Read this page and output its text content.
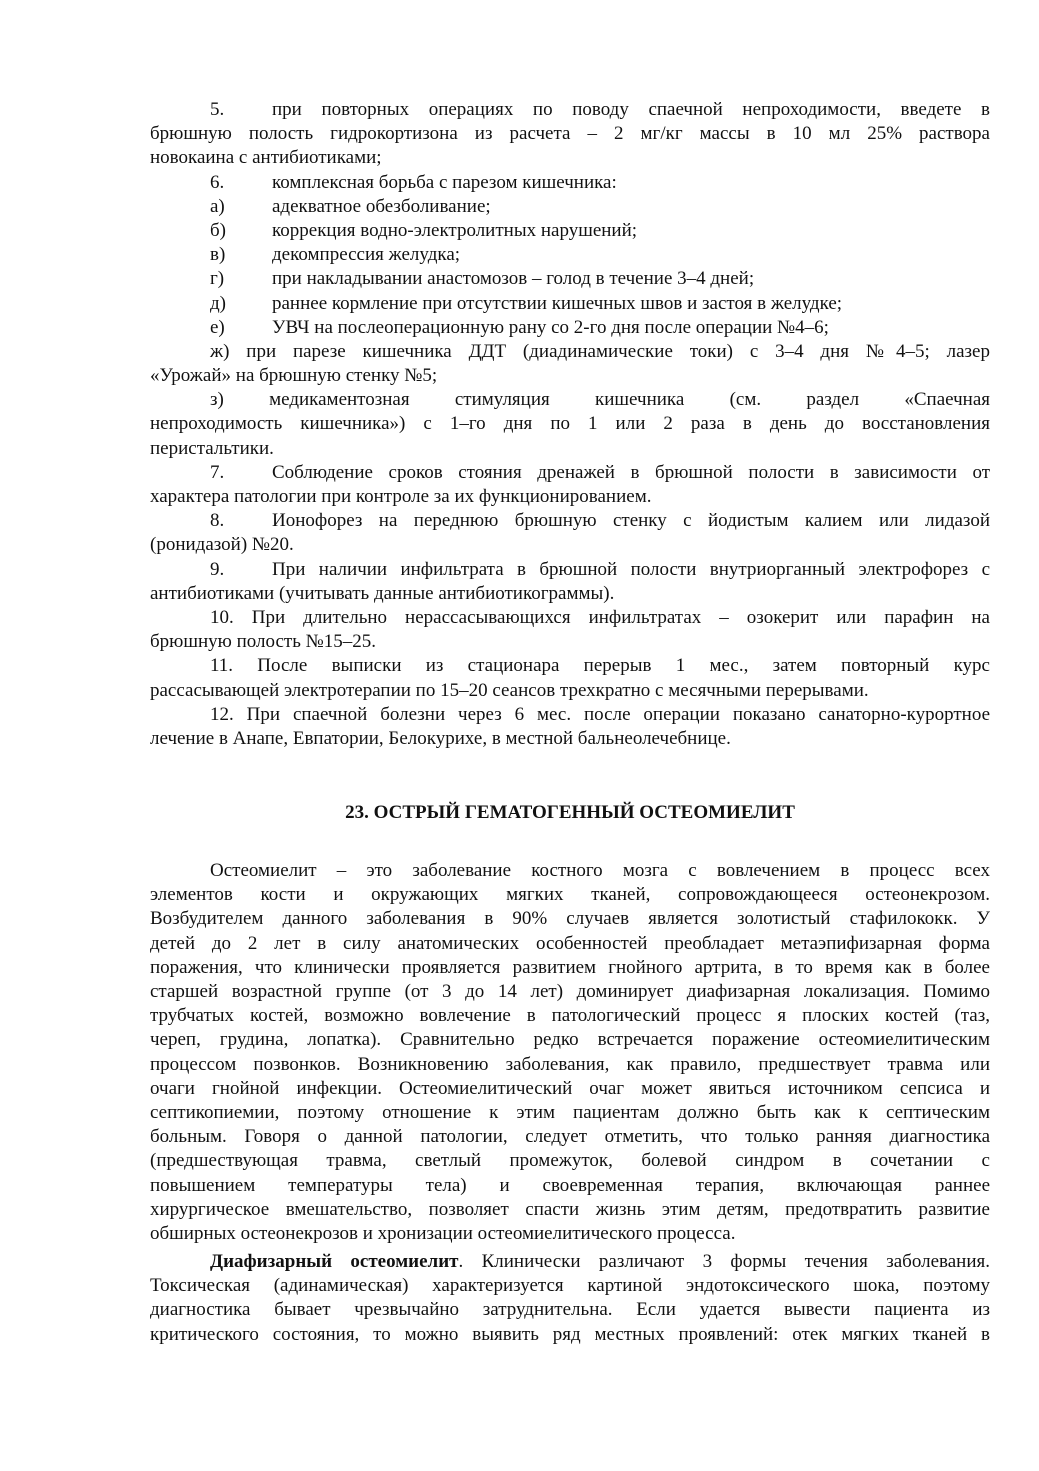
5.	при повторных операциях по поводу спаечной непроходимости, введете в
брюшную полость гидрокортизона из расчета – 2 мг/кг массы в 10 мл 25% раствора
новокаина с антибиотиками;
6.	комплексная борьба с парезом кишечника:
а) адекватное обезболивание;
б) коррекция водно-электролитных нарушений;
в) декомпрессия желудка;
г)	при накладывании анастомозов – голод в течение 3–4 дней;
д) раннее кормление при отсутствии кишечных швов и застоя в желудке;
е) УВЧ на послеоперационную рану со 2-го дня после операции №4–6;
ж) при парезе кишечника ДДТ (диадинамические токи) с 3–4 дня №4–5; лазер
«Урожай» на брюшную стенку №5;
з) медикаментозная стимуляция кишечника (см. раздел «Спаечная
непроходимость кишечника») с 1–го дня по 1 или 2 раза в день до восстановления
перистальтики.
7.	Соблюдение сроков стояния дренажей в брюшной полости в зависимости от
характера патологии при контроле за их функционированием.
8.	Ионофорез на переднюю брюшную стенку с йодистым калием или лидазой
(ронидазой) №20.
9.	При наличии инфильтрата в брюшной полости внутриорганный электрофорез с
антибиотиками (учитывать данные антибиотикограммы).
10. При длительно нерассасывающихся инфильтратах – озокерит или парафин на
брюшную полость №15–25.
11. После выписки из стационара перерыв 1 мес., затем повторный курс
рассасывающей электротерапии по 15–20 сеансов трехкратно с месячными перерывами.
12. При спаечной болезни через 6 мес. после операции показано санаторно-курортное
лечение в Анапе, Евпатории, Белокурихе, в местной бальнеолечебнице.
23. ОСТРЫЙ ГЕМАТОГЕННЫЙ ОСТЕОМИЕЛИТ
Остеомиелит – это заболевание костного мозга с вовлечением в процесс всех
элементов кости и окружающих мягких тканей, сопровождающееся остеонекрозом.
Возбудителем данного заболевания в 90% случаев является золотистый стафилококк. У
детей до 2 лет в силу анатомических особенностей преобладает метаэпифизарная форма
поражения, что клинически проявляется развитием гнойного артрита, в то время как в более
старшей возрастной группе (от 3 до 14 лет) доминирует диафизарная локализация. Помимо
трубчатых костей, возможно вовлечение в патологический процесс я плоских костей (таз,
череп, грудина, лопатка). Сравнительно редко встречается поражение остеомиелитическим
процессом позвонков. Возникновению заболевания, как правило, предшествует травма или
очаги гнойной инфекции. Остеомиелитический очаг может явиться источником сепсиса и
септикопиемии, поэтому отношение к этим пациентам должно быть как к септическим
больным. Говоря о данной патологии, следует отметить, что только ранняя диагностика
(предшествующая травма, светлый промежуток, болевой синдром в сочетании с
повышением температуры тела) и своевременная терапия, включающая раннее
хирургическое вмешательство, позволяет спасти жизнь этим детям, предотвратить развитие
обширных остеонекрозов и хронизации остеомиелитического процесса.
Диафизарный остеомиелит. Клинически различают 3 формы течения заболевания.
Токсическая (адинамическая) характеризуется картиной эндотоксического шока, поэтому
диагностика бывает чрезвычайно затруднительна. Если удается вывести пациента из
критического состояния, то можно выявить ряд местных проявлений: отек мягких тканей в
